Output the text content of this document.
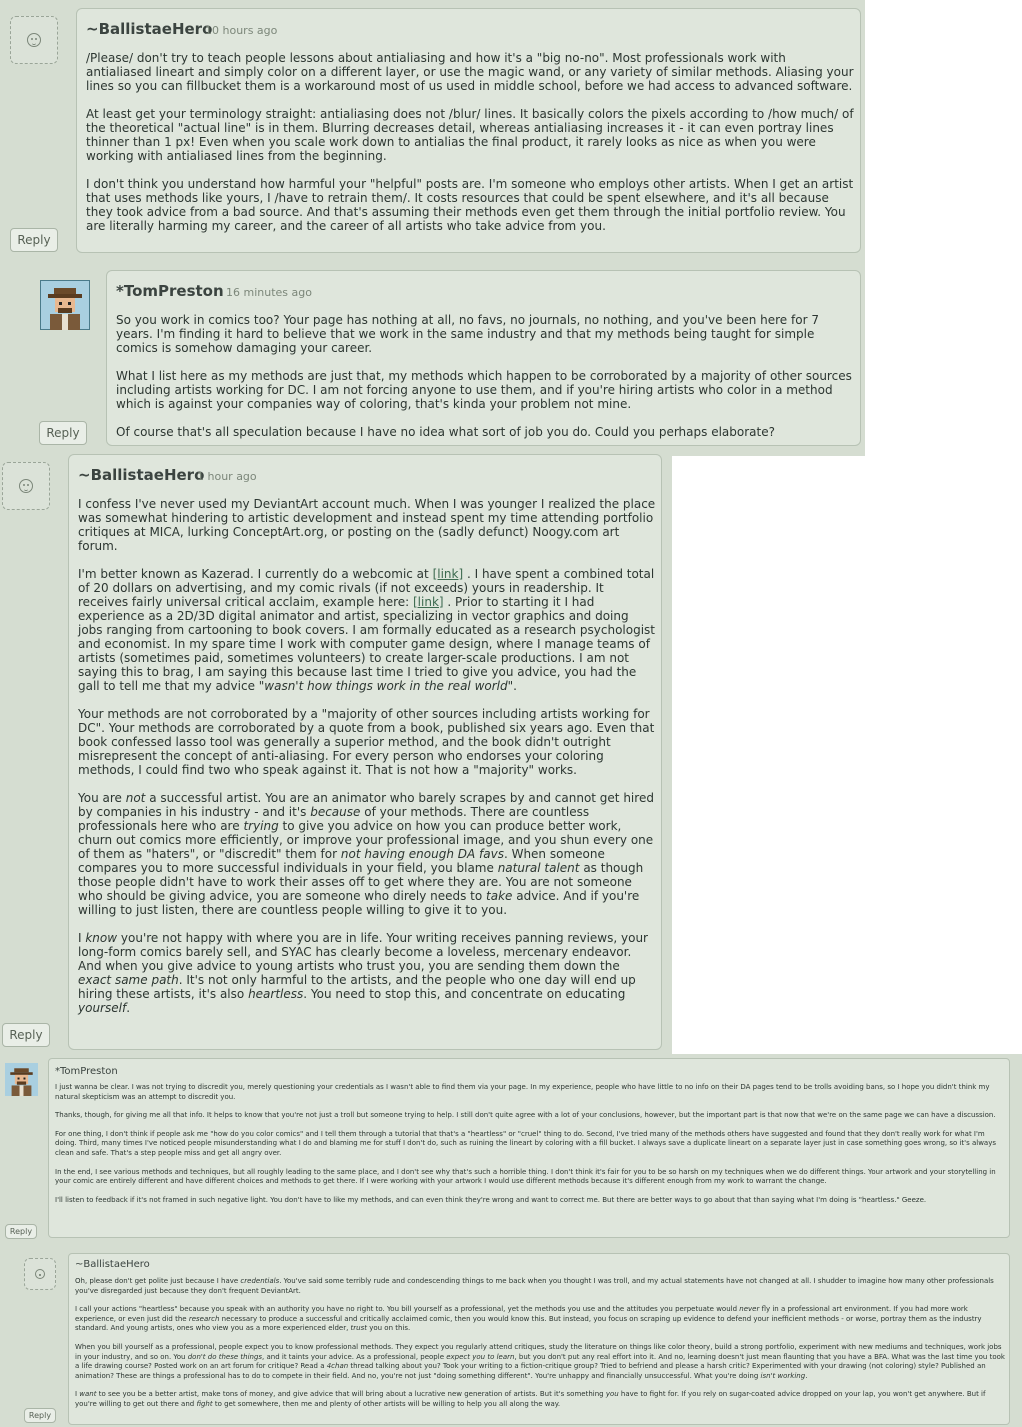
Reply
~BallistaeHero
10 hours ago

/Please/ don't try to teach people lessons about antialiasing and how it's a "big no-no". Most professionals work with antialiased lineart and simply color on a different layer, or use the magic wand, or any variety of similar methods. Aliasing your lines so you can fillbucket them is a workaround most of us used in middle school, before we had access to advanced software.

At least get your terminology straight: antialiasing does not /blur/ lines. It basically colors the pixels according to /how much/ of the theoretical "actual line" is in them. Blurring decreases detail, whereas antialiasing increases it - it can even portray lines thinner than 1 px! Even when you scale work down to antialias the final product, it rarely looks as nice as when you were working with antialiased lines from the beginning.

I don't think you understand how harmful your "helpful" posts are. I'm someone who employs other artists. When I get an artist that uses methods like yours, I /have to retrain them/. It costs resources that could be spent elsewhere, and it's all because they took advice from a bad source. And that's assuming their methods even get them through the initial portfolio review. You are literally harming my career, and the career of all artists who take advice from you.

Reply
*TomPreston 16 minutes ago

So you work in comics too? Your page has nothing at all, no favs, no journals, no nothing, and you've been here for 7 years. I'm finding it hard to believe that we work in the same industry and that my methods being taught for simple comics is somehow damaging your career.

What I list here as my methods are just that, my methods which happen to be corroborated by a majority of other sources including artists working for DC. I am not forcing anyone to use them, and if you're hiring artists who color in a method which is against your companies way of coloring, that's kinda your problem not mine.

Of course that's all speculation because I have no idea what sort of job you do. Could you perhaps elaborate?

Reply
~BallistaeHero
1 hour ago

I confess I've never used my DeviantArt account much. When I was younger I realized the place was somewhat hindering to artistic development and instead spent my time attending portfolio critiques at MICA, lurking ConceptArt.org, or posting on the (sadly defunct) Noogy.com art forum.

I'm better known as Kazerad. I currently do a webcomic at [link] . I have spent a combined total of 20 dollars on advertising, and my comic rivals (if not exceeds) yours in readership. It receives fairly universal critical acclaim, example here: [link] . Prior to starting it I had experience as a 2D/3D digital animator and artist, specializing in vector graphics and doing jobs ranging from cartooning to book covers. I am formally educated as a research psychologist and economist. In my spare time I work with computer game design, where I manage teams of artists (sometimes paid, sometimes volunteers) to create larger-scale productions. I am not saying this to brag, I am saying this because last time I tried to give you advice, you had the gall to tell me that my advice "wasn't how things work in the real world".

Your methods are not corroborated by a "majority of other sources including artists working for DC". Your methods are corroborated by a quote from a book, published six years ago. Even that book confessed lasso tool was generally a superior method, and the book didn't outright misrepresent the concept of anti-aliasing. For every person who endorses your coloring methods, I could find two who speak against it. That is not how a "majority" works.

You are not a successful artist. You are an animator who barely scrapes by and cannot get hired by companies in his industry - and it's because of your methods. There are countless professionals here who are trying to give you advice on how you can produce better work, churn out comics more efficiently, or improve your professional image, and you shun every one of them as "haters", or "discredit" them for not having enough DA favs. When someone compares you to more successful individuals in your field, you blame natural talent as though those people didn't have to work their asses off to get where they are. You are not someone who should be giving advice, you are someone who direly needs to take advice. And if you're willing to just listen, there are countless people willing to give it to you.

I know you're not happy with where you are in life. Your writing receives panning reviews, your long-form comics barely sell, and SYAC has clearly become a loveless, mercenary endeavor. And when you give advice to young artists who trust you, you are sending them down the exact same path. It's not only harmful to the artists, and the people who one day will end up hiring these artists, it's also heartless. You need to stop this, and concentrate on educating yourself.

Reply
*TomPreston

I just wanna be clear. I was not trying to discredit you, merely questioning your credentials as I wasn't able to find them via your page. In my experience, people who have little to no info on their DA pages tend to be trolls avoiding bans, so I hope you didn't think my natural skepticism was an attempt to discredit you.

Thanks, though, for giving me all that info. It helps to know that you're not just a troll but someone trying to help. I still don't quite agree with a lot of your conclusions, however, but the important part is that now that we're on the same page we can have a discussion.

For one thing, I don't think if people ask me "how do you color comics" and I tell them through a tutorial that that's a "heartless" or "cruel" thing to do. Second, I've tried many of the methods others have suggested and found that they don't really work for what I'm doing. Third, many times I've noticed people misunderstanding what I do and blaming me for stuff I don't do, such as ruining the lineart by coloring with a fill bucket. I always save a duplicate lineart on a separate layer just in case something goes wrong, so it's always clean and safe. That's a step people miss and get all angry over.

In the end, I see various methods and techniques, but all roughly leading to the same place, and I don't see why that's such a horrible thing. I don't think it's fair for you to be so harsh on my techniques when we do different things. Your artwork and your storytelling in your comic are entirely different and have different choices and methods to get there. If I were working with your artwork I would use different methods because it's different enough from my work to warrant the change.

I'll listen to feedback if it's not framed in such negative light. You don't have to like my methods, and can even think they're wrong and want to correct me. But there are better ways to go about that than saying what I'm doing is "heartless." Geeze.

Reply
~BallistaeHero

Oh, please don't get polite just because I have credentials. You've said some terribly rude and condescending things to me back when you thought I was troll, and my actual statements have not changed at all. I shudder to imagine how many other professionals you've disregarded just because they don't frequent DeviantArt.

I call your actions "heartless" because you speak with an authority you have no right to. You bill yourself as a professional, yet the methods you use and the attitudes you perpetuate would never fly in a professional art environment. If you had more work experience, or even just did the research necessary to produce a successful and critically acclaimed comic, then you would know this. But instead, you focus on scraping up evidence to defend your inefficient methods - or worse, portray them as the industry standard. And young artists, ones who view you as a more experienced elder, trust you on this.

When you bill yourself as a professional, people expect you to know professional methods. They expect you regularly attend critiques, study the literature on things like color theory, build a strong portfolio, experiment with new mediums and techniques, work jobs in your industry, and so on. You don't do these things, and it taints your advice. As a professional, people expect you to learn, but you don't put any real effort into it. And no, learning doesn't just mean flaunting that you have a BFA. What was the last time you took a life drawing course? Posted work on an art forum for critique? Read a 4chan thread talking about you? Took your writing to a fiction-critique group? Tried to befriend and please a harsh critic? Experimented with your drawing (not coloring) style? Published an animation? These are things a professional has to do to compete in their field. And no, you're not just "doing something different". You're unhappy and financially unsuccessful. What you're doing isn't working.

I want to see you be a better artist, make tons of money, and give advice that will bring about a lucrative new generation of artists. But it's something you have to fight for. If you rely on sugar-coated advice dropped on your lap, you won't get anywhere. But if you're willing to get out there and fight to get somewhere, then me and plenty of other artists will be willing to help you all along the way.
